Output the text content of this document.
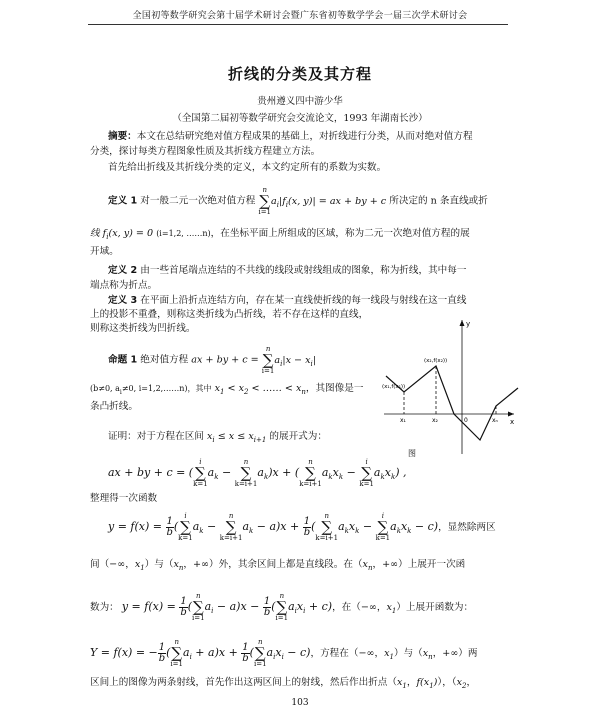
全国初等数学研究会第十届学术研讨会暨广东省初等数学学会一届三次学术研讨会
折线的分类及其方程
贵州遵义四中游少华
（全国第二届初等数学研究会交流论文，1993 年湖南长沙）
摘要：本文在总结研究绝对值方程成果的基础上，对折线进行分类，从而对绝对值方程
分类，探讨每类方程图象性质及其折线方程建立方法。
首先给出折线及其折线分类的定义，本文约定所有的系数为实数。
定义 1 对一般二元一次绝对值方程
n
∑
i=1
$a_i|f_i(x$, y)| = ax + by + c 所决定的 n 条直线或折
线 $f_i(x$, y) = 0 (i=1,2, ……n)，在坐标平面上所组成的区域，称为二元一次绝对值方程的展
开域。
定义 2 由一些首尾端点连结的不共线的线段或射线组成的图象，称为折线，其中每一
端点称为折点。
定义 3 在平面上沿折点连结方向，存在某一直线使折线的每一线段与射线在这一直线
上的投影不重叠，则称这类折线为凸折线，若不存在这样的直线，
则称这类折线为凹折线。
命题 1 绝对值方程 ax + by + c =
n
∑
i=1
$a_i|x - x_i|$
(b≠0, $a_i\ne 0$, i=1,2,……n)，其中 $x_1 < x_2$ < …… < $x_n$，其图像是一
条凸折线。
(x₁,f(x₁))
(x₂,f(x₂))
x₁	x₂	xₙ
0
y
x
图
证明：对于方程在区间 $x_i \le x \le x_{i+1}$ 的展开式为：
ax + by + c = (
i
∑
k=1
$a_k$ −
n
∑
k=i+1
$a_k)x$ + (
n
∑
k=i+1
$a_kx_k$ −
i
∑
k=1
$a_kx_k$) ,
整理得一次函数
$y = f(x) = \frac{1}{b}$ (
i
∑
k=1
$a_k$ −
n
∑
k=i+1
$a_k - a)x + \frac{1}{b}$ (
n
∑
k=i+1
$a_kx_k$ −
i
∑
k=1
$a_kx_k - c$)，显然除两区
间（−∞，$x_1$）与（$x_n$，+∞）外，其余区间上都是直线段。在（$x_n$，+∞）上展开一次函
数为： $y = f(x) = \frac{1}{b}$ (
n
∑
i=1
$a_i - a)x - \frac{1}{b}$ (
n
∑
i=1
$a_ix_i + c$)，在（−∞，$x_1$）上展开函数为：
Y = f(x) = − $\frac{1}{b}$ (
n
∑
i=1
$a_i + a)x + \frac{1}{b}$ (
n
∑
i=1
$a_ix_i - c$)，方程在（−∞，$x_1$）与（$x_n$，+∞）两
区间上的图像为两条射线，首先作出这两区间上的射线，然后作出折点（$x_1$，$f(x_1)$），（$x_2$，
103
